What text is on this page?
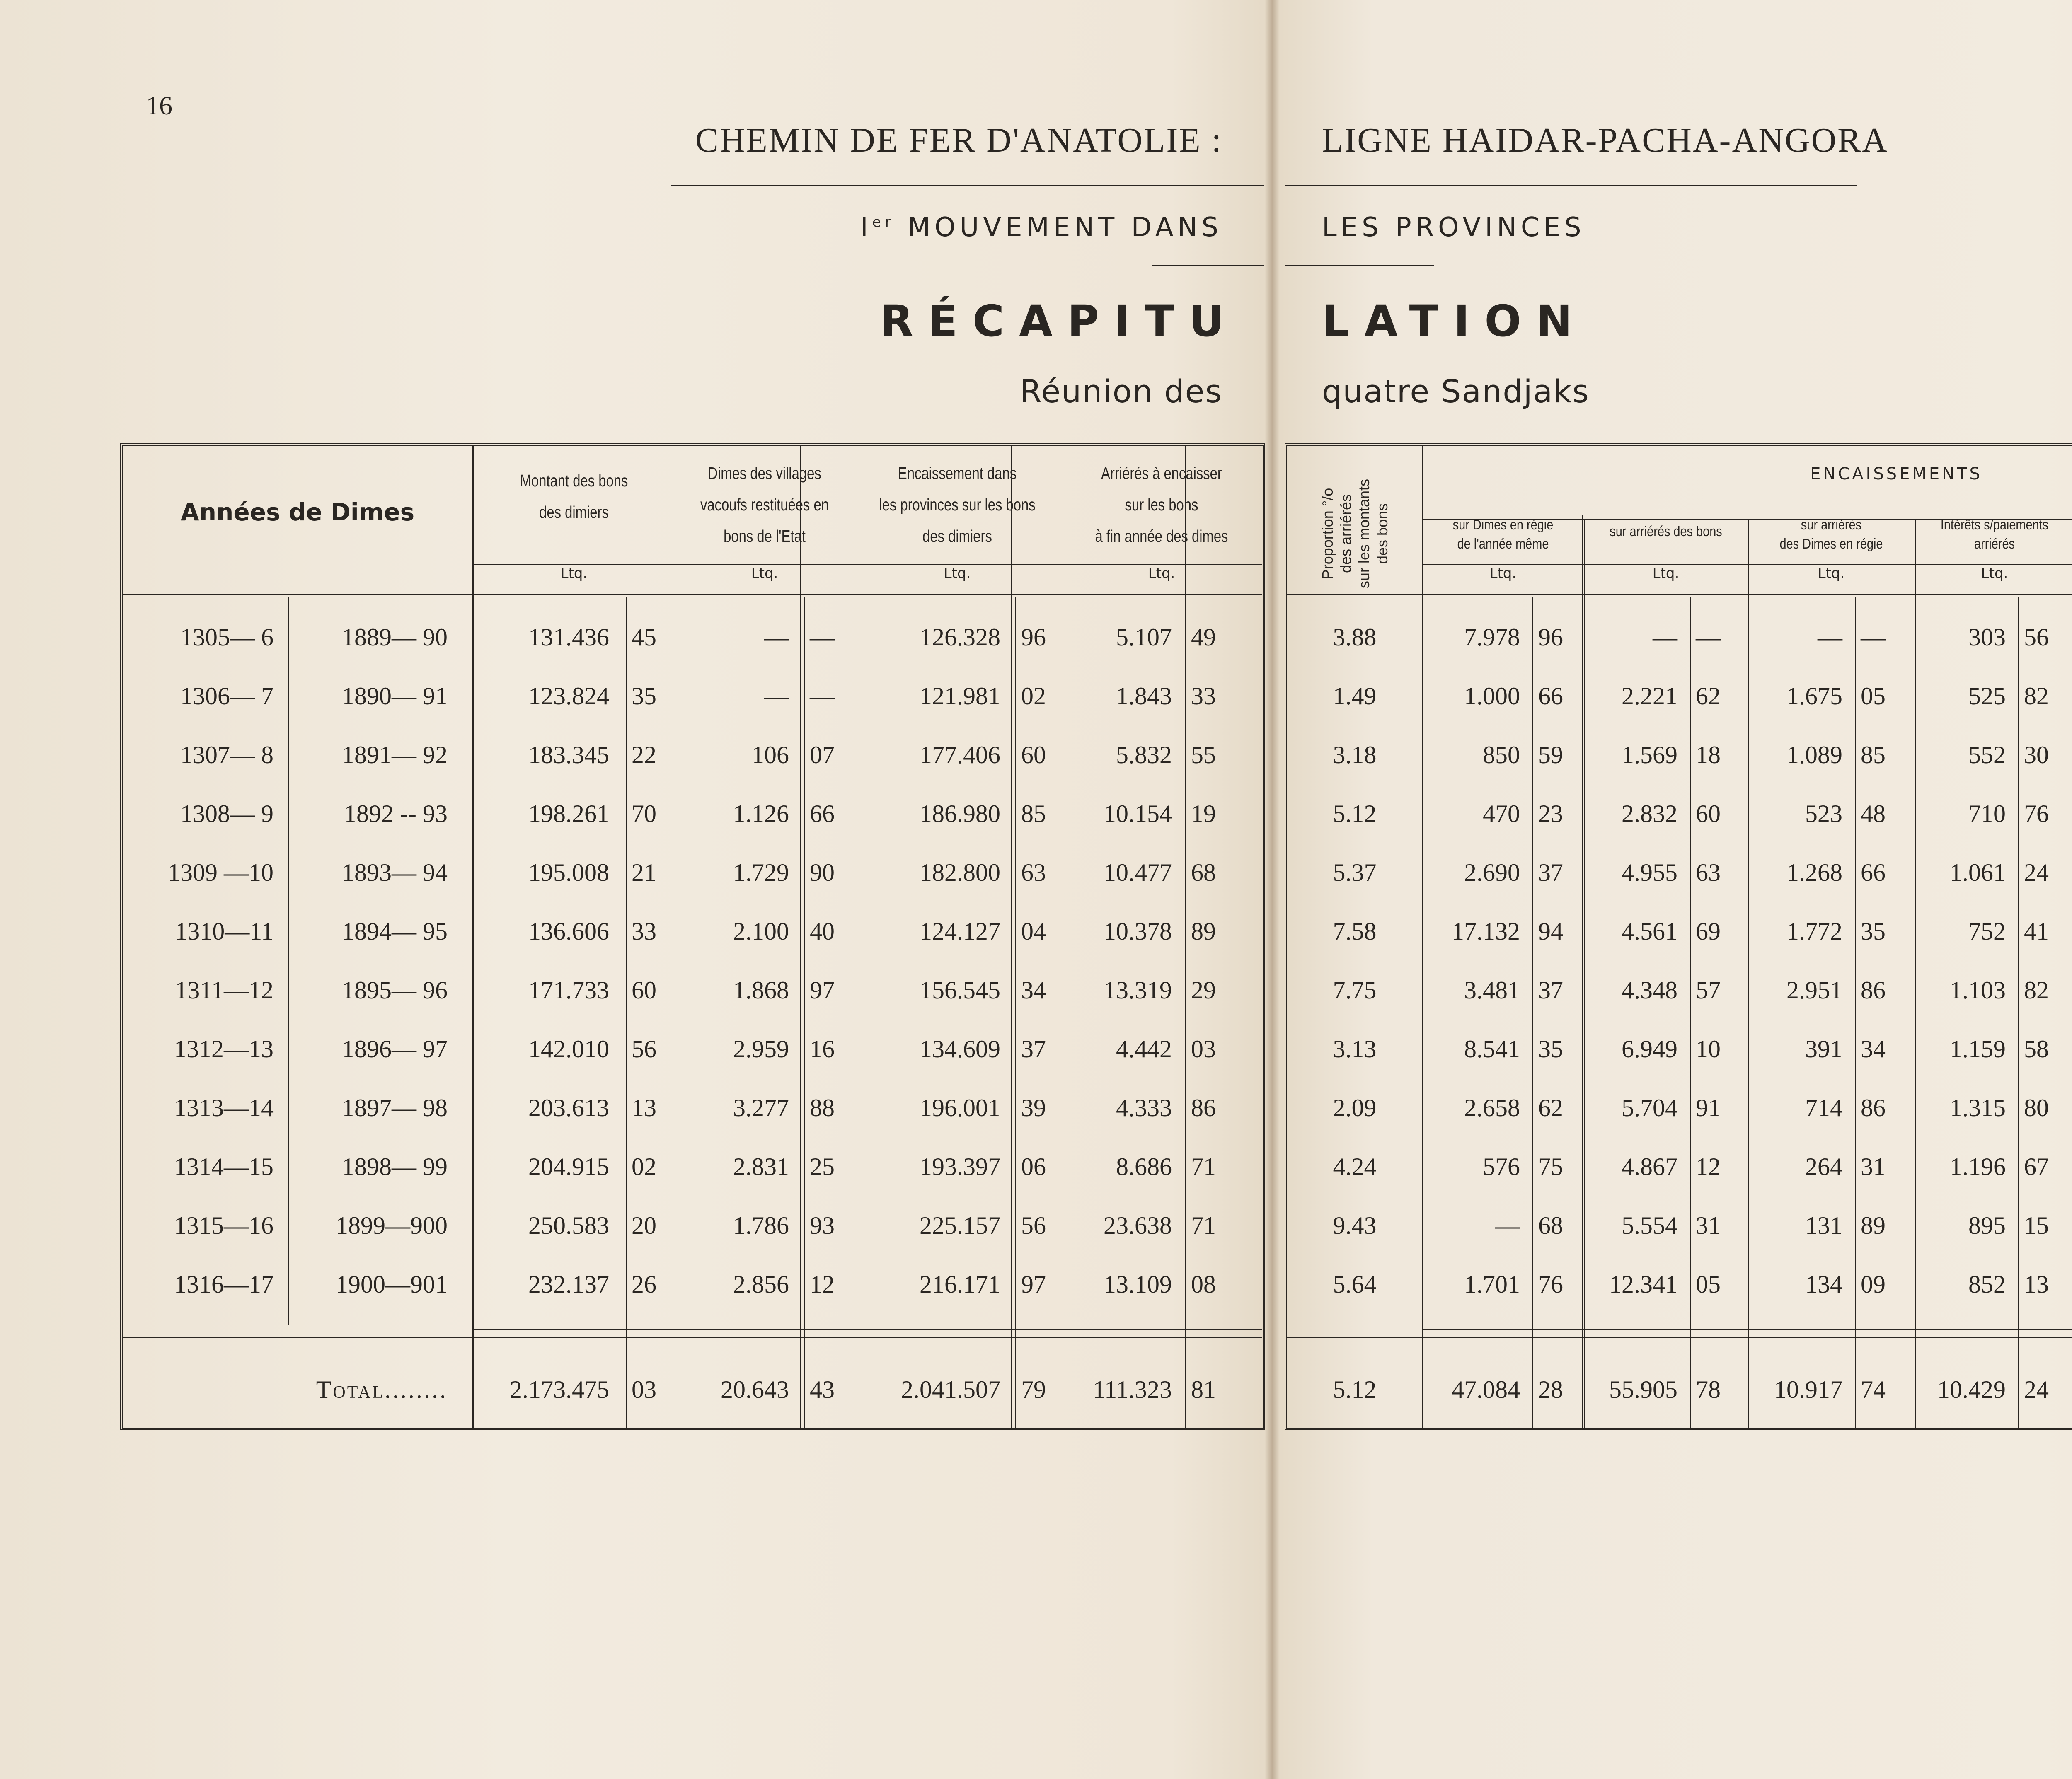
16
CHEMIN DE FER D'ANATOLIE :
Ier MOUVEMENT DANS
RÉCAPITU
Réunion des
LIGNE HAIDAR-PACHA-ANGORA
LES PROVINCES
LATION
quatre Sandjaks
Années de Dimes
Montant des bons
des dimiers
Dimes des villages
vacoufs restituées en
bons de l'Etat
Encaissement dans
les provinces sur les bons
des dimiers
Arriérés à encaisser
sur les bons
à fin année des dimes
Ltq.	Ltq.	Ltq.	Ltq.	Proportion °/o des arriérés sur les montants des bons
ENCAISSEMENTS
sur Dimes en régie
de l'année même
sur arriérés des bons	sur arriérés
des Dimes en régie
Intérêts s/paiements
arriérés
Ltq.	Ltq.	Ltq.	Ltq.
1305— 6	1889— 90	131.436 45	— —	126.328 96	5.107 49	3.88	7.978 96	— —	— —	303 56
1306— 7	1890— 91	123.824 35	— —	121.981 02	1.843 33	1.49	1.000 66	2.221 62	1.675 05	525 82
1307— 8	1891— 92	183.345 22	106 07	177.406 60	5.832 55	3.18	850 59	1.569 18	1.089 85	552 30
1308— 9	1892 -- 93	198.261 70	1.126 66	186.980 85	10.154 19	5.12	470 23	2.832 60	523 48	710 76
1309 —10	1893— 94	195.008 21	1.729 90	182.800 63	10.477 68	5.37	2.690 37	4.955 63	1.268 66	1.061 24
1310—11	1894— 95	136.606 33	2.100 40	124.127 04	10.378 89	7.58	17.132 94	4.561 69	1.772 35	752 41
1311—12	1895— 96	171.733 60	1.868 97	156.545 34	13.319 29	7.75	3.481 37	4.348 57	2.951 86	1.103 82
1312—13	1896— 97	142.010 56	2.959 16	134.609 37	4.442 03	3.13	8.541 35	6.949 10	391 34	1.159 58
1313—14	1897— 98	203.613 13	3.277 88	196.001 39	4.333 86	2.09	2.658 62	5.704 91	714 86	1.315 80
1314—15	1898— 99	204.915 02	2.831 25	193.397 06	8.686 71	4.24	576 75	4.867 12	264 31	1.196 67
1315—16	1899—900	250.583 20	1.786 93	225.157 56	23.638 71	9.43	— 68	5.554 31	131 89	895 15
1316—17	1900—901	232.137 26	2.856 12	216.171 97	13.109 08	5.64	1.701 76	12.341 05	134 09	852 13
Total........	2.173.475 03	20.643 43	2.041.507 79	111.323 81	5.12	47.084 28	55.905 78	10.917 74	10.429 24
